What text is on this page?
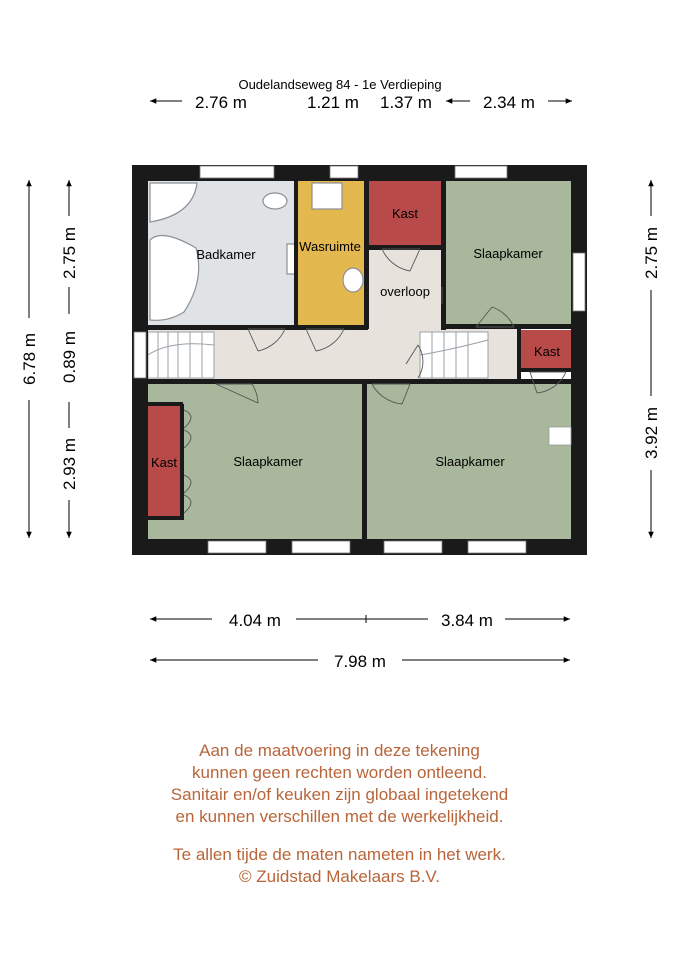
Oudelandseweg 84 - 1e Verdieping
2.76 m	1.21 m 1.37 m	2.34 m
6.78 m
2.75 m
0.89 m
2.93 m
2.75 m
3.92 m
Badkamer
Wasruimte
Kast
Slaapkamer
overloop
Kast
Kast	Slaapkamer	Slaapkamer
4.04 m	3.84 m
7.98 m
Aan de maatvoering in deze tekening
kunnen geen rechten worden ontleend.
Sanitair en/of keuken zijn globaal ingetekend
en kunnen verschillen met de werkelijkheid.
Te allen tijde de maten nameten in het werk.
© Zuidstad Makelaars B.V.
